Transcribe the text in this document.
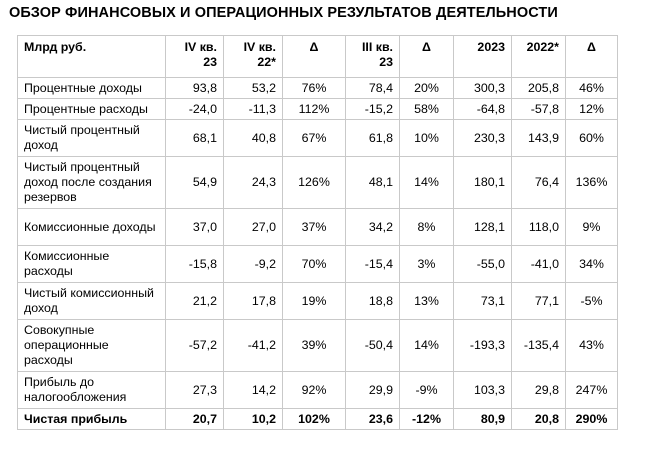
ОБЗОР ФИНАНСОВЫХ И ОПЕРАЦИОННЫХ РЕЗУЛЬТАТОВ ДЕЯТЕЛЬНОСТИ
Млрд руб.	IV кв. 23	IV кв. 22*	Δ	III кв. 23	Δ	2023	2022*	Δ
Процентные доходы	93,8	53,2	76%	78,4	20%	300,3	205,8	46%
Процентные расходы	-24,0	-11,3	112%	-15,2	58%	-64,8	-57,8	12%
Чистый процентный доход	68,1	40,8	67%	61,8	10%	230,3	143,9	60%
Чистый процентный доход после создания резервов	54,9	24,3	126%	48,1	14%	180,1	76,4	136%
Комиссионные доходы	37,0	27,0	37%	34,2	8%	128,1	118,0	9%
Комиссионные расходы	-15,8	-9,2	70%	-15,4	3%	-55,0	-41,0	34%
Чистый комиссионный доход	21,2	17,8	19%	18,8	13%	73,1	77,1	-5%
Совокупные операционные расходы	-57,2	-41,2	39%	-50,4	14%	-193,3	-135,4	43%
Прибыль до налогообложения	27,3	14,2	92%	29,9	-9%	103,3	29,8	247%
Чистая прибыль	20,7	10,2	102%	23,6	-12%	80,9	20,8	290%
